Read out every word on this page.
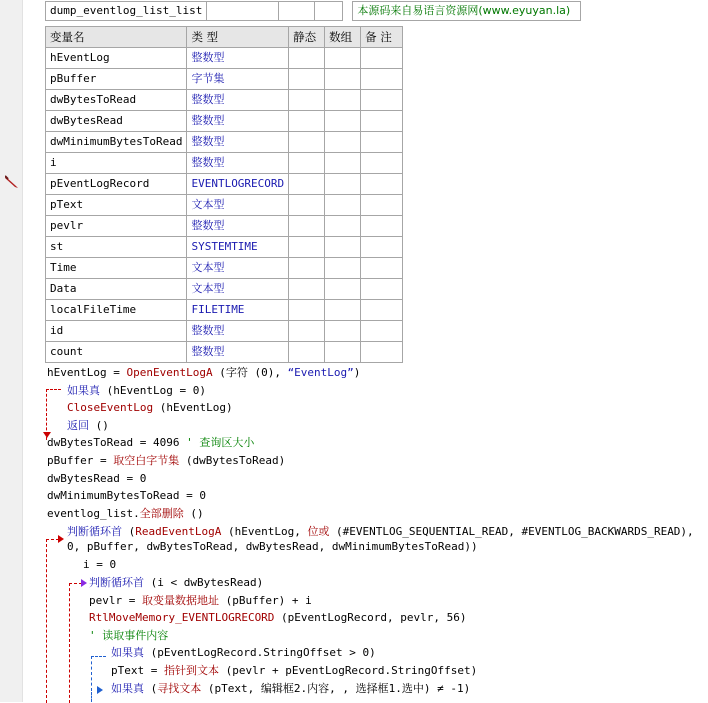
dump_eventlog_list_list					本源码来自易语言资源网(www.eyuyan.la)
变量名	类 型	静态	数组	备 注
hEventLog	整数型			
pBuffer	字节集			
dwBytesToRead	整数型			
dwBytesRead	整数型			
dwMinimumBytesToRead	整数型			
i	整数型			
pEventLogRecord	EVENTLOGRECORD			
pText	文本型			
pevlr	整数型			
st	SYSTEMTIME			
Time	文本型			
Data	文本型			
localFileTime	FILETIME			
id	整数型			
count	整数型			
hEventLog = OpenEventLogA (字符 (0), “EventLog”)
如果真 (hEventLog = 0)
CloseEventLog (hEventLog)
返回 ()
dwBytesToRead = 4096 ' 查询区大小
pBuffer = 取空白字节集 (dwBytesToRead)
dwBytesRead = 0
dwMinimumBytesToRead = 0
eventlog_list.全部删除 ()
判断循环首 (ReadEventLogA (hEventLog, 位或 (#EVENTLOG_SEQUENTIAL_READ, #EVENTLOG_BACKWARDS_READ), 0, pBuffer, dwBytesToRead, dwBytesRead, dwMinimumBytesToRead))
i = 0
判断循环首 (i < dwBytesRead)
pevlr = 取变量数据地址 (pBuffer) + i
RtlMoveMemory_EVENTLOGRECORD (pEventLogRecord, pevlr, 56)
' 读取事件内容
如果真 (pEventLogRecord.StringOffset > 0)
pText = 指针到文本 (pevlr + pEventLogRecord.StringOffset)
如果真 (寻找文本 (pText, 编辑框2.内容, , 选择框1.选中) ≠ -1)
